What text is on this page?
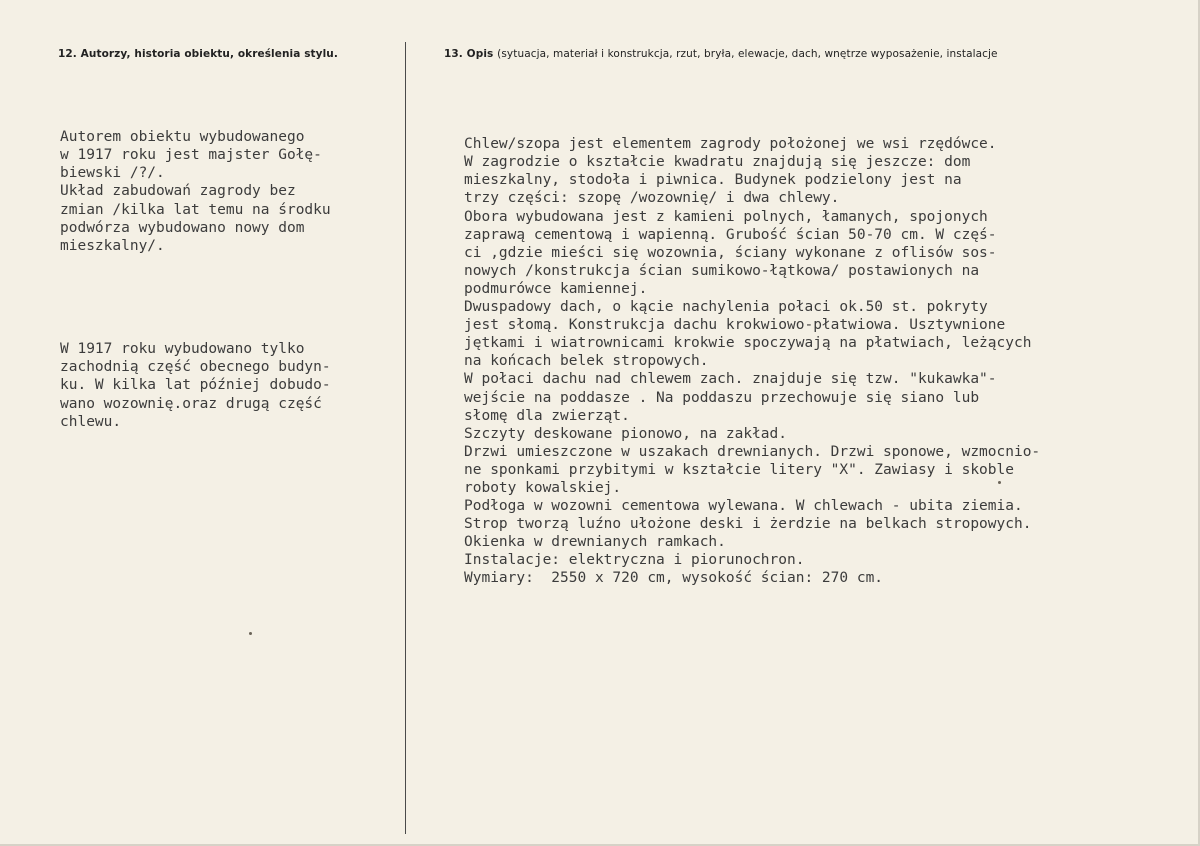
12. Autorzy, historia obiektu, określenia stylu.	13. Opis (sytuacja, materiał i konstrukcja, rzut, bryła, elewacje, dach, wnętrze wyposażenie, instalacje

Autorem obiektu wybudowanego
w 1917 roku jest majster Gołę-
biewski /?/.
Układ zabudowań zagrody bez
zmian /kilka lat temu na środku
podwórza wybudowano nowy dom
mieszkalny/.

W 1917 roku wybudowano tylko
zachodnią część obecnego budyn-
ku. W kilka lat później dobudo-
wano wozownię.oraz drugą część
chlewu.

Chlew/szopa jest elementem zagrody położonej we wsi rzędówce.
W zagrodzie o kształcie kwadratu znajdują się jeszcze: dom
mieszkalny, stodoła i piwnica. Budynek podzielony jest na
trzy części: szopę /wozownię/ i dwa chlewy.
Obora wybudowana jest z kamieni polnych, łamanych, spojonych
zaprawą cementową i wapienną. Grubość ścian 50-70 cm. W częś-
ci ,gdzie mieści się wozownia, ściany wykonane z oflisów sos-
nowych /konstrukcja ścian sumikowo-łątkowa/ postawionych na
podmurówce kamiennej.
Dwuspadowy dach, o kącie nachylenia połaci ok.50 st. pokryty
jest słomą. Konstrukcja dachu krokwiowo-płatwiowa. Usztywnione
jętkami i wiatrownicami krokwie spoczywają na płatwiach, leżących
na końcach belek stropowych.
W połaci dachu nad chlewem zach. znajduje się tzw. "kukawka"-
wejście na poddasze . Na poddaszu przechowuje się siano lub
słomę dla zwierząt.
Szczyty deskowane pionowo, na zakład.
Drzwi umieszczone w uszakach drewnianych. Drzwi sponowe, wzmocnio-
ne sponkami przybitymi w kształcie litery "X". Zawiasy i skoble
roboty kowalskiej.
Podłoga w wozowni cementowa wylewana. W chlewach - ubita ziemia.
Strop tworzą luźno ułożone deski i żerdzie na belkach stropowych.
Okienka w drewnianych ramkach.
Instalacje: elektryczna i piorunochron.
Wymiary:  2550 x 720 cm, wysokość ścian: 270 cm.
